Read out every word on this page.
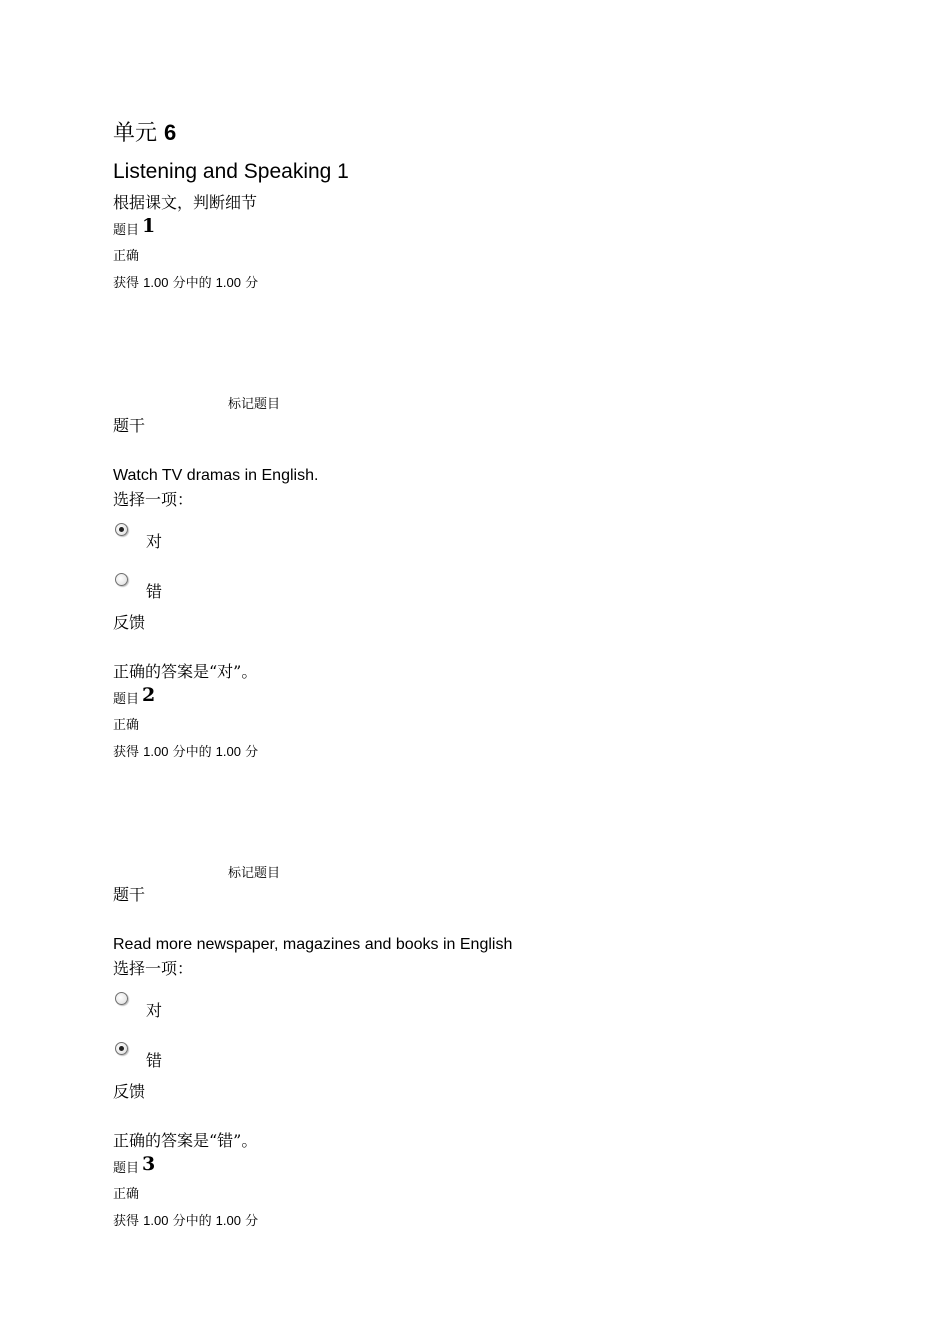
单元 6
Listening and Speaking 1
根据课文，判断细节
题目 1
正确
获得 1.00 分中的 1.00 分
标记题目
题干
Watch TV dramas in English.
选择一项：
对
错
反馈
正确的答案是“对”。
题目 2
正确
获得 1.00 分中的 1.00 分
标记题目
题干
Read more newspaper, magazines and books in English
选择一项：
对
错
反馈
正确的答案是“错”。
题目 3
正确
获得 1.00 分中的 1.00 分
